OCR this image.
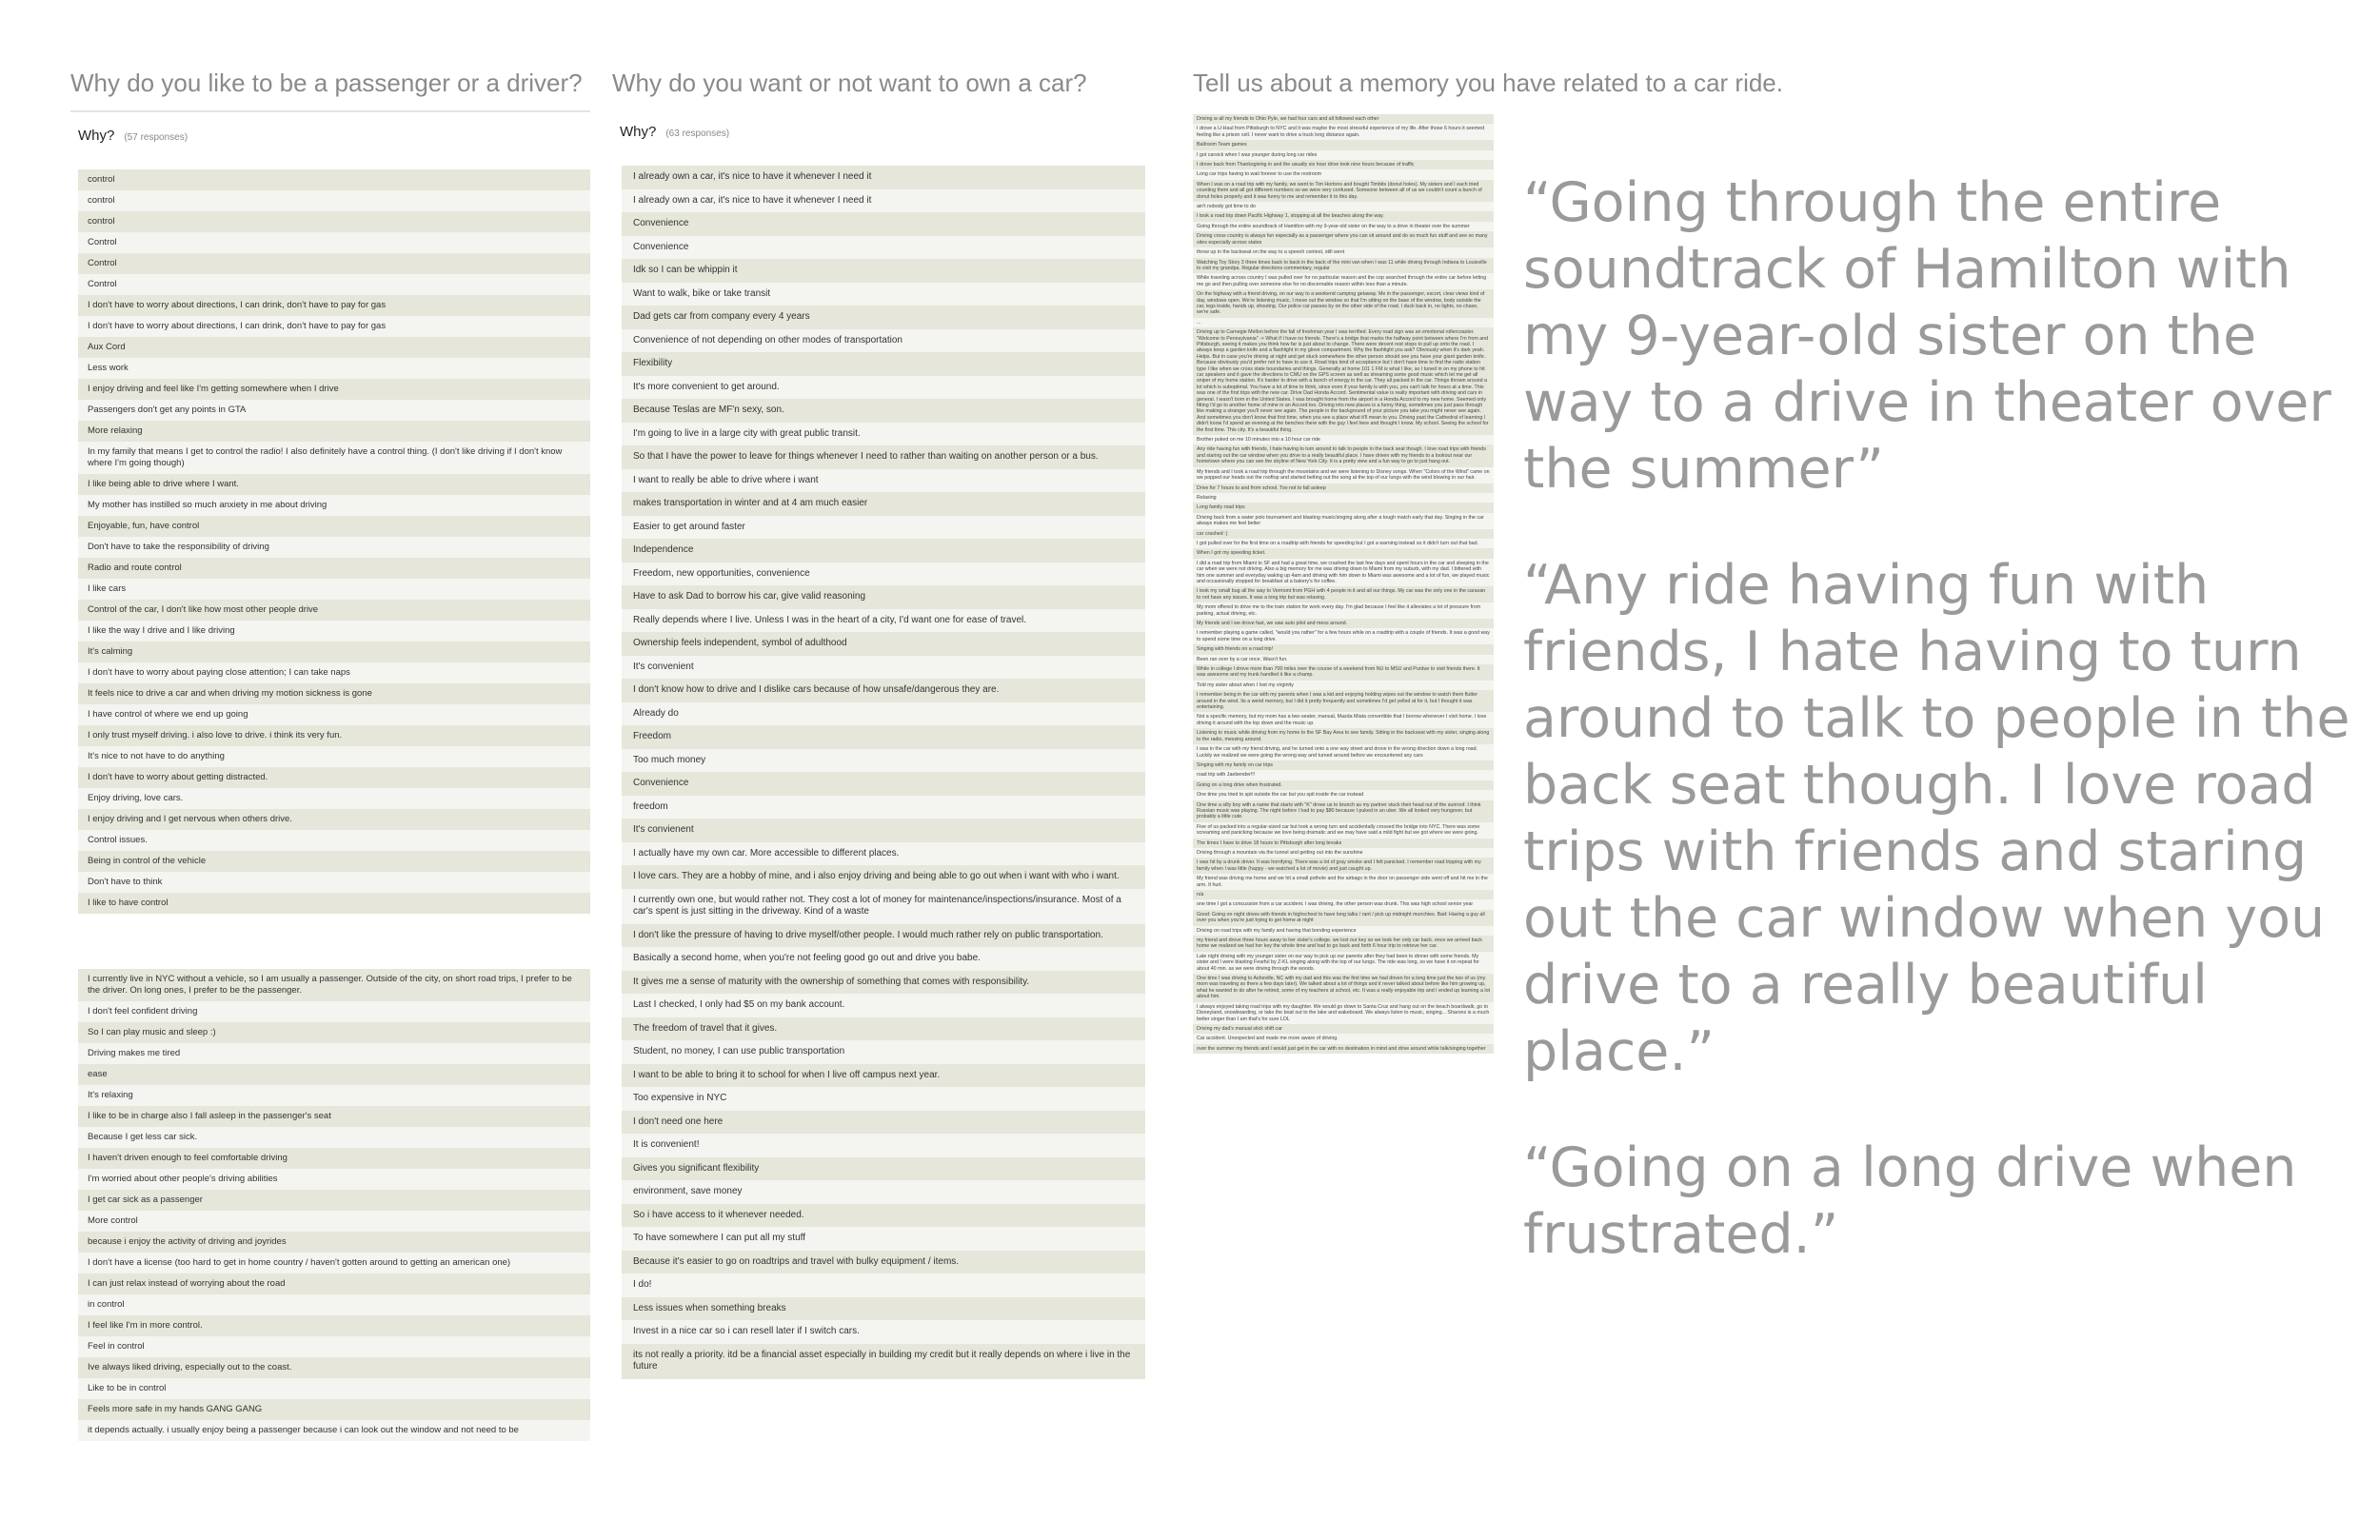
Why do you like to be a passenger or a driver? Why do you want or not want to own a car?	Tell us about a memory you have related to a car ride.
Why? (57 responses)
control
control
control
Control
Control
Control
I don't have to worry about directions, I can drink, don't have to pay for gas
I don't have to worry about directions, I can drink, don't have to pay for gas
Aux Cord
Less work
I enjoy driving and feel like I'm getting somewhere when I drive
Passengers don't get any points in GTA
More relaxing
In my family that means I get to control the radio! I also definitely have a control thing. (I don't like driving if I don't know where I'm going though)
I like being able to drive where I want.
My mother has instilled so much anxiety in me about driving
Enjoyable, fun, have control
Don't have to take the responsibility of driving
Radio and route control
I like cars
Control of the car, I don't like how most other people drive
I like the way I drive and I like driving
It's calming
I don't have to worry about paying close attention; I can take naps
It feels nice to drive a car and when driving my motion sickness is gone
I have control of where we end up going
I only trust myself driving. i also love to drive. i think its very fun.
It's nice to not have to do anything
I don't have to worry about getting distracted.
Enjoy driving, love cars.
I enjoy driving and I get nervous when others drive.
Control issues.
Being in control of the vehicle
Don't have to think
I like to have control
I currently live in NYC without a vehicle, so I am usually a passenger. Outside of the city, on short road trips, I prefer to be the driver. On long ones, I prefer to be the passenger.
I don't feel confident driving
So I can play music and sleep :)
Driving makes me tired
ease
It's relaxing
I like to be in charge also I fall asleep in the passenger's seat
Because I get less car sick.
I haven't driven enough to feel comfortable driving
I'm worried about other people's driving abilities
I get car sick as a passenger
More control
because i enjoy the activity of driving and joyrides
I don't have a license (too hard to get in home country / haven't gotten around to getting an american one)
I can just relax instead of worrying about the road
in control
I feel like I'm in more control.
Feel in control
Ive always liked driving, especially out to the coast.
Like to be in control
Feels more safe in my hands GANG GANG
it depends actually. i usually enjoy being a passenger because i can look out the window and not need to be
Why? (63 responses)
I already own a car, it's nice to have it whenever I need it
I already own a car, it's nice to have it whenever I need it
Convenience
Convenience
Idk so I can be whippin it
Want to walk, bike or take transit
Dad gets car from company every 4 years
Convenience of not depending on other modes of transportation
Flexibility
It's more convenient to get around.
Because Teslas are MF'n sexy, son.
I'm going to live in a large city with great public transit.
So that I have the power to leave for things whenever I need to rather than waiting on another person or a bus.
I want to really be able to drive where i want
makes transportation in winter and at 4 am much easier
Easier to get around faster
Independence
Freedom, new opportunities, convenience
Have to ask Dad to borrow his car, give valid reasoning
Really depends where I live. Unless I was in the heart of a city, I'd want one for ease of travel.
Ownership feels independent, symbol of adulthood
It's convenient
I don't know how to drive and I dislike cars because of how unsafe/dangerous they are.
Already do
Freedom
Too much money
Convenience
freedom
It's convienent
I actually have my own car. More accessible to different places.
I love cars. They are a hobby of mine, and i also enjoy driving and being able to go out when i want with who i want.
I currently own one, but would rather not. They cost a lot of money for maintenance/inspections/insurance. Most of a car's spent is just sitting in the driveway. Kind of a waste
I don't like the pressure of having to drive myself/other people. I would much rather rely on public transportation.
Basically a second home, when you're not feeling good go out and drive you babe.
It gives me a sense of maturity with the ownership of something that comes with responsibility.
Last I checked, I only had $5 on my bank account.
The freedom of travel that it gives.
Student, no money, I can use public transportation
I want to be able to bring it to school for when I live off campus next year.
Too expensive in NYC
I don't need one here
It is convenient!
Gives you significant flexibility
environment, save money
So i have access to it whenever needed.
To have somewhere I can put all my stuff
Because it's easier to go on roadtrips and travel with bulky equipment / items.
I do!
Less issues when something breaks
Invest in a nice car so i can resell later if I switch cars.
its not really a priority. itd be a financial asset especially in building my credit but it really depends on where i live in the future
Driving w all my friends to Ohio Pyle, we had four cars and all followed each other
I drove a U-Haul from Pittsburgh to NYC and it was maybe the most stressful experience of my life. After those 6 hours it seemed feeling like a prison cell. I never want to drive a truck long distance again.
Ballroom Team games
I got carsick when I was younger during long car rides
I drove back from Thanksgiving in and the usually six hour drive took nine hours because of traffic
Long car trips having to wait forever to use the restroom
When I was on a road trip with my family, we went to Tim Hortons and bought Timbits (donut holes). My sisters and I each tried counting them and all got different numbers so we were very confused. Someone between all of us we couldn't count a bunch of donut holes properly and it was funny to me and remember it to this day.
ain't nobody got time to do
I took a road trip down Pacific Highway 1, stopping at all the beaches along the way.
Going through the entire soundtrack of Hamilton with my 9-year-old sister on the way to a drive in theater over the summer
Driving cross country is always fun especially as a passenger where you can sit around and do so much fun stuff and see so many sites especially across states
throw up in the backseat on the way to a speech contest, still went
Watching Toy Story 3 three times back to back in the back of the mini van when I was 11 while driving through Indiana to Louisville to visit my grandpa. Regular directions commentary, regular
While traveling across country I was pulled over for no particular reason and the cop searched through the entire car before letting me go and then pulling over someone else for no discernable reason within less than a minute.
On the highway with a friend driving, on our way to a weekend camping getaway. Me in the passenger, escort, clear views kind of day, windows open. We're listening music, I move out the window so that I'm sitting on the base of the window, body outside the car, legs inside, hands up, shouting. Our police car passes by on the other side of the road. I duck back in, no lights, no chase, we're safe.
...
Driving up to Carnegie Mellon before the fall of freshman year I was terrified. Every road sign was an emotional rollercoaster. "Welcome to Pennsylvania" -> What if I have no friends. There's a bridge that marks the halfway point between where I'm from and Pittsburgh, seeing it makes you think how far is just about to change. There were decent rest stops to pull up onto the road. I always keep a garden knife and a flashlight in my glove compartment. Why the flashlight you ask? Obviously when it's dark yeah. Helps. But in case you're driving at night and get stuck somewhere the other person should see you have your giant garden knife. Because obviously you'd prefer not to have to use it. Road trips kind of acceptance but I don't have time to find the radio station type I like when we cross state boundaries and things. Generally at home 101 1 FM is what I like, so I tuned in on my phone to hit car speakers and it gave the directions to CMU on the GPS screen as well as streaming some good music which let me get all sniper of my home station. It's harder to drive with a bunch of energy in the car. They all packed in the car. Things thrown around a lot which is suboptimal. You have a lot of time to think, since even if your family is with you, you can't talk for hours at a time. This was one of the first trips with the new car. Drive Dad Honda Accord. Sentimental value is really important with driving and cars in general. I wasn't born in the United States. I was brought home from the airport in a Honda Accord to my new home. Seemed only fitting I'd go to another home of mine in an Accord too. Driving into new places is a funny thing, sometimes you just pass through like making a stranger you'll never see again. The people in the background of your picture you take you might never see again. And sometimes you don't know that first time, when you see a place what it'll mean to you. Driving past the Cathedral of learning I didn't know I'd spend an evening at the benches there with the guy I feel here and thought I know. My school. Seeing the school for the first time. This city. It's a beautiful thing.
Brother puked on me 10 minutes into a 10 hour car ride
Any ride having fun with friends, I hate having to turn around to talk to people in the back seat though. I love road trips with friends and staring out the car window when you drive to a really beautiful place. I have driven with my friends to a lookout near our hometown where you can see the skyline of New York City. It is a pretty view and a fun way to go to just hang out.
My friends and I took a road trip through the mountains and we were listening to Disney songs. When "Colors of the Wind" came on we popped our heads out the rooftop and started belting out the song at the top of our lungs with the wind blowing in our hair.
Drive for 7 hours to and from school. Too not to fall asleep
Relaxing
Long family road trips
Driving back from a water polo tournament and blasting music/singing along after a tough match early that day. Singing in the car always makes me feel better
car crashed :(
I got pulled over for the first time on a roadtrip with friends for speeding but I got a warning instead so it didn't turn out that bad.
When I got my speeding ticket.
I did a road trip from Miami to SF and had a great time, we crashed the last few days and spent hours in the car and sleeping in the car when we were not driving. Also a big memory for me was driving down to Miami from my suburb, with my dad. I bittered with him one summer and everyday waking up 4am and driving with him down to Miami was awesome and a lot of fun, we played music and occasionally stopped for breakfast at a bakery's for coffee.
I took my small bug all the way to Vermont from PGH with 4 people in it and all our things. My car was the only one in the caravan to not have any issues. It was a long trip but was relaxing.
My mom offered to drive me to the train station for work every day. I'm glad because I feel like it alleviates a lot of pressure from parking, actual driving, etc.
My friends and I we drove fast, we saw auto pilot and mess around.
I remember playing a game called, "would you rather" for a few hours while on a roadtrip with a couple of friends. It was a good way to spend some time on a long drive.
Singing with friends on a road trip!
Been ran over by a car once. Wasn't fun.
While in college I drove more than 700 miles over the course of a weekend from NU to MSU and Purdue to visit friends there. It was awesome and my trunk handled it like a champ.
Told my sister about when I lost my virginity
I remember being in the car with my parents when I was a kid and enjoying holding wipes out the window to watch them flutter around in the wind. Its a weird memory, but I did it pretty frequently and sometimes I'd get yelled at for it, but I thought it was entertaining.
Not a specific memory, but my mom has a two-seater, manual, Mazda Miata convertible that I borrow whenever I visit home. I love driving it around with the top down and the music up.
Listening to music while driving from my home to the SF Bay Area to see family. Sitting in the backseat with my sister, singing along to the radio, messing around.
I was in the car with my friend driving, and he turned onto a one way street and drove in the wrong direction down a long road. Luckily we realized we were going the wrong way and turned around before we encountered any cars
Singing with my family on car trips
road trip with Jaebender!!!
Going on a long drive when frustrated.
One time you tried to spit outside the car but you spit inside the car instead
One time a silly boy with a name that starts with "K" drove us to brunch as my partner stuck their head out of the sunroof. I think Russian music was playing. The night before I had to pay $80 because I puked in an uber. We all looked very hungover, but probably a little cute.
Five of us packed into a regular-sized car but took a wrong turn and accidentally crossed the bridge into NYC. There was some screaming and panicking because we love being dramatic and we may have said a mild fight but we got where we were going.
The times I have to drive 18 hours to Pittsburgh after long breaks
Driving through a mountain via the tunnel and getting out into the sunshine
I was hit by a drunk driver. It was horrifying. There was a lot of gray smoke and I felt panicked. I remember road tripping with my family when I was little (happy - we watched a lot of movie) and just caught up.
My friend was driving me home and we hit a small pothole and the airbags in the door on passenger side went off and hit me in the arm. It hurt.
n/a
one time I got a concussion from a car accident. I was driving, the other person was drunk. This was high school senior year
Good: Going on night drives with friends in highschool to have long talks / rant / pick up midnight munchies. Bad: Having a guy all over you when you're just trying to get home at night
Driving on road trips with my family and having that bonding experience
my friend and drove three hours away to her sister's college. we lost our key so we took her only car back. once we arrived back home we realized we had her key the whole time and had to go back and forth 6 hour trip to retrieve her car.
Late night driving with my younger sister on our way to pick up our parents after they had been to dinner with some friends. My sister and I were blasting Fearful by Z-KL singing along with the top of our lungs. The ride was long, so we have it on repeat for about 40 min. as we were driving through the woods.
One time I was driving to Asheville, NC with my dad and this was the first time we had driven for a long time just the two of us (my mom was traveling so there a few days later). We talked about a lot of things and it never talked about before like him growing up, what he wanted to do after he retired, some of my teachers at school, etc. It was a really enjoyable trip and I ended up learning a lot about him.
I always enjoyed taking road trips with my daughter. We would go down to Santa Cruz and hang out on the beach boardwalk, go to Disneyland, snowboarding, or take the boat out to the lake and wakeboard. We always listen to music, singing... Sharons is a much better singer than I am that's for sure LOL
Driving my dad's manual stick shift car
Car accident. Unexpected and made me more aware of driving.
over the summer my friends and I would just get in the car with no destination in mind and drive around while talk/singing together

“Going through the entire soundtrack of Hamilton with my 9-year-old sister on the way to a drive in theater over the summer”

“Any ride having fun with friends, I hate having to turn around to talk to people in the back seat though. I love road trips with friends and staring out the car window when you drive to a really beautiful place.”

“Going on a long drive when frustrated.”
